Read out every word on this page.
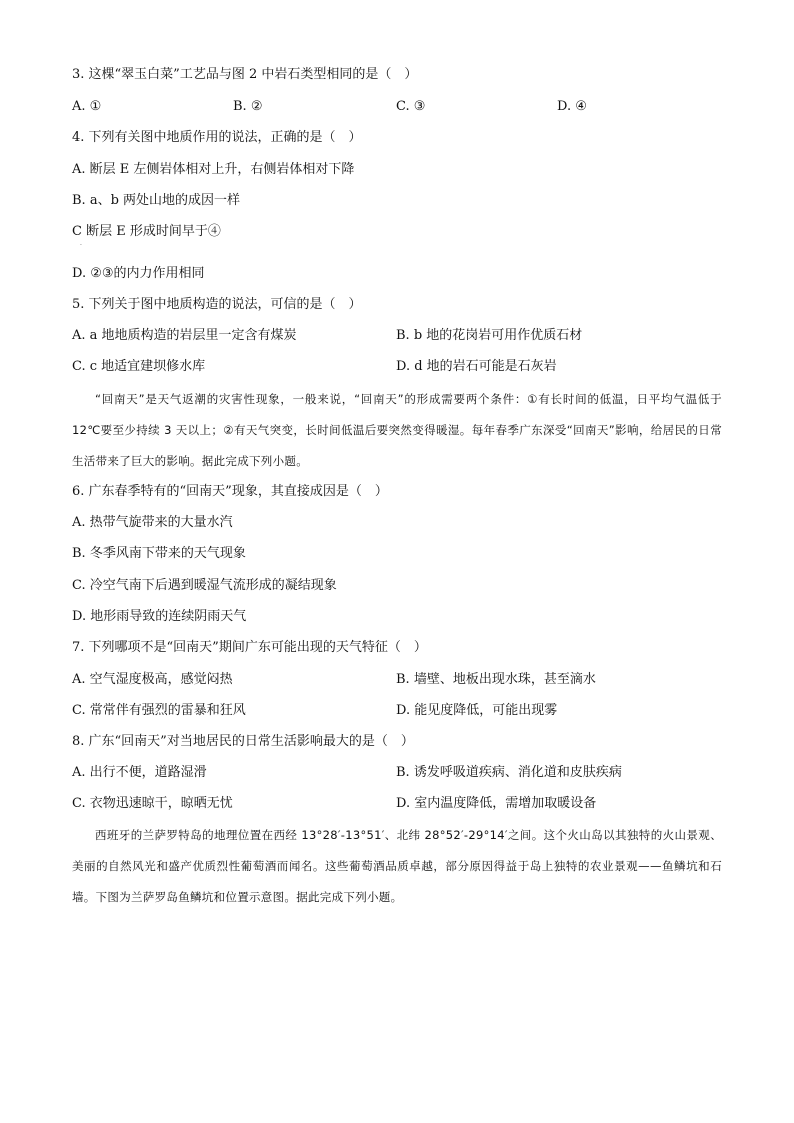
3. 这棵“翠玉白菜”工艺品与图 2 中岩石类型相同的是（　）
A. ①	B. ②	C. ③	D. ④
4. 下列有关图中地质作用的说法，正确的是（　）
A. 断层 E 左侧岩体相对上升，右侧岩体相对下降
B. a、b 两处山地的成因一样
C 断层 E 形成时间早于④
.
D. ②③的内力作用相同
5. 下列关于图中地质构造的说法，可信的是（　）
A. a 地地质构造的岩层里一定含有煤炭	B. b 地的花岗岩可用作优质石材
C. c 地适宜建坝修水库	D. d 地的岩石可能是石灰岩
“回南天”是天气返潮的灾害性现象，一般来说，“回南天”的形成需要两个条件：①有长时间的低温，日平均气温低于 12℃要至少持续 3 天以上；②有天气突变，长时间低温后要突然变得暖湿。每年春季广东深受“回南天”影响，给居民的日常生活带来了巨大的影响。据此完成下列小题。
6. 广东春季特有的“回南天”现象，其直接成因是（　）
A. 热带气旋带来的大量水汽
B. 冬季风南下带来的天气现象
C. 冷空气南下后遇到暖湿气流形成的凝结现象
D. 地形雨导致的连续阴雨天气
7. 下列哪项不是“回南天”期间广东可能出现的天气特征（　）
A. 空气湿度极高，感觉闷热	B. 墙壁、地板出现水珠，甚至滴水
C. 常常伴有强烈的雷暴和狂风	D. 能见度降低，可能出现雾
8. 广东“回南天”对当地居民的日常生活影响最大的是（　）
A. 出行不便，道路湿滑	B. 诱发呼吸道疾病、消化道和皮肤疾病
C. 衣物迅速晾干，晾晒无忧	D. 室内温度降低，需增加取暖设备
西班牙的兰萨罗特岛的地理位置在西经 13°28′-13°51′、北纬 28°52′-29°14′之间。这个火山岛以其独特的火山景观、美丽的自然风光和盛产优质烈性葡萄酒而闻名。这些葡萄酒品质卓越，部分原因得益于岛上独特的农业景观——鱼鳞坑和石墙。下图为兰萨罗岛鱼鳞坑和位置示意图。据此完成下列小题。
